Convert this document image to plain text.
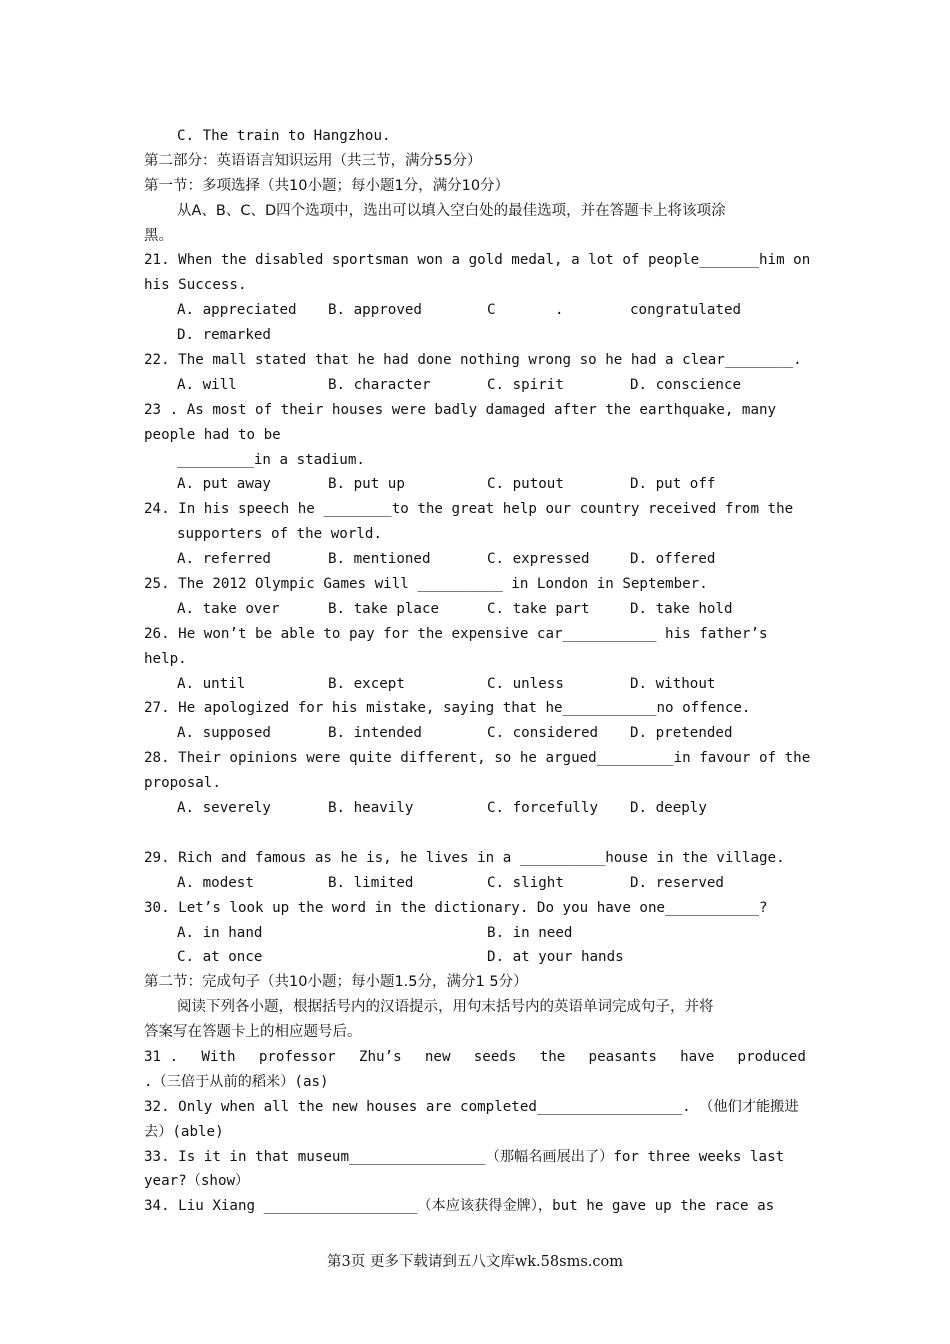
C. The train to Hangzhou.
第二部分：英语语言知识运用（共三节，满分55分）
第一节：多项选择（共10小题；每小题1分，满分10分）
从A、B、C、D四个选项中，选出可以填入空白处的最佳选项，并在答题卡上将该项涂
黑。
21. When the disabled sportsman won a gold medal, a lot of people_______him on
his Success.
A. appreciated	B. approved	C	.	congratulated
D. remarked
22. The mall stated that he had done nothing wrong so he had a clear________.
A. will	B. character	C. spirit	D. conscience
23 . As most of their houses were badly damaged after the earthquake, many
people had to be
_________in a stadium.
A. put away	B. put up	C. putout	D. put off
24. In his speech he ________to the great help our country received from the
supporters of the world.
A. referred	B. mentioned	C. expressed	D. offered
25. The 2012 Olympic Games will __________ in London in September.
A. take over	B. take place	C. take part	D. take hold
26. He won’t be able to pay for the expensive car___________ his father’s
help.
A. until	B. except	C. unless	D. without
27. He apologized for his mistake, saying that he___________no offence.
A. supposed	B. intended	C. considered	D. pretended
28. Their opinions were quite different, so he argued_________in favour of the
proposal.
A. severely	B. heavily	C. forcefully	D. deeply
29. Rich and famous as he is, he lives in a __________house in the village.
A. modest	B. limited	C. slight	D. reserved
30. Let’s look up the word in the dictionary. Do you have one___________?
A. in hand	B. in need
C. at once	D. at your hands
第二节：完成句子（共10小题；每小题1.5分，满分1 5分）
阅读下列各小题，根据括号内的汉语提示，用句末括号内的英语单词完成句子，并将
答案写在答题卡上的相应题号后。
31 . With professor Zhu’s new seeds the peasants have produced
.（三倍于从前的稻米）(as)
32. Only when all the new houses are completed_________________. （他们才能搬进
去）(able)
33. Is it in that museum________________（那幅名画展出了）for three weeks last
year?（show）
34. Liu Xiang __________________（本应该获得金牌），but he gave up the race as
第3页 更多下载请到五八文库wk.58sms.com
